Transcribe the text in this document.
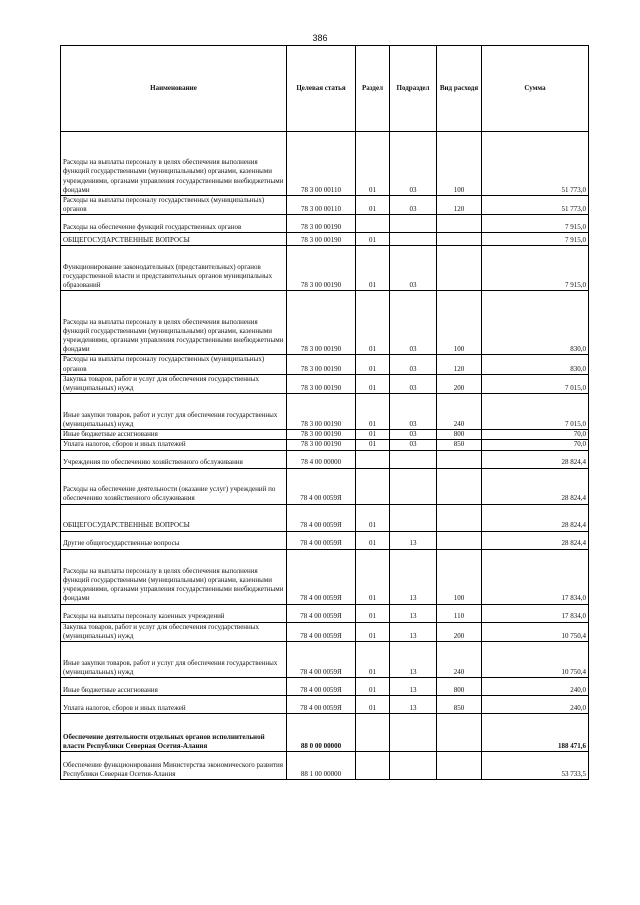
386
Наименование	Целевая статья	Раздел	Подраздел	Вид расходя	Сумма
Расходы на выплаты персоналу в целях обеспечения выполнения функций государственными (муниципальными) органами, казенными учреждениями, органами управления государственными внебюджетными фондами	78 3 00 00110	01	03	100	51 773,0
Расходы на выплаты персоналу государственных (муниципальных) органов	78 3 00 00110	01	03	120	51 773,0
Расходы на обеспечение функций государственных органов	78 3 00 00190				7 915,0
ОБЩЕГОСУДАРСТВЕННЫЕ ВОПРОСЫ	78 3 00 00190	01			7 915,0
Функционирование законодательных (представительных) органов государственной власти и представительных органов муниципальных образований	78 3 00 00190	01	03		7 915,0
Расходы на выплаты персоналу в целях обеспечения выполнения функций государственными (муниципальными) органами, казенными учреждениями, органами управления государственными внебюджетными фондами	78 3 00 00190	01	03	100	830,0
Расходы на выплаты персоналу государственных (муниципальных) органов	78 3 00 00190	01	03	120	830,0
Закупка товаров, работ и услуг для обеспечения государственных (муниципальных) нужд	78 3 00 00190	01	03	200	7 015,0
Иные закупки товаров, работ и услуг для обеспечения государственных (муниципальных) нужд	78 3 00 00190	01	03	240	7 015,0
Иные бюджетные ассигнования	78 3 00 00190	01	03	800	70,0
Уплата налогов, сборов и иных платежей	78 3 00 00190	01	03	850	70,0
Учреждения по обеспечению хозяйственного обслуживания	78 4 00 00000				28 824,4
Расходы на обеспечение деятельности (оказание услуг) учреждений по обеспечению хозяйственного обслуживания	78 4 00 0059Я				28 824,4
ОБЩЕГОСУДАРСТВЕННЫЕ ВОПРОСЫ	78 4 00 0059Я	01			28 824,4
Другие общегосударственные вопросы	78 4 00 0059Я	01	13		28 824,4
Расходы на выплаты персоналу в целях обеспечения выполнения функций государственными (муниципальными) органами, казенными учреждениями, органами управления государственными внебюджетными фондами	78 4 00 0059Я	01	13	100	17 834,0
Расходы на выплаты персоналу казенных учреждений	78 4 00 0059Я	01	13	110	17 834,0
Закупка товаров, работ и услуг для обеспечения государственных (муниципальных) нужд	78 4 00 0059Я	01	13	200	10 750,4
Иные закупки товаров, работ и услуг для обеспечения государственных (муниципальных) нужд	78 4 00 0059Я	01	13	240	10 750,4
Иные бюджетные ассигнования	78 4 00 0059Я	01	13	800	240,0
Уплата налогов, сборов и иных платежей	78 4 00 0059Я	01	13	850	240,0
Обеспечение деятельности отдельных органов исполнительной власти Республики Северная Осетия-Алания	88 0 00 00000				188 471,6
Обеспечение функционирования Министерства экономического развития Республики Северная Осетия-Алания	88 1 00 00000				53 733,5
